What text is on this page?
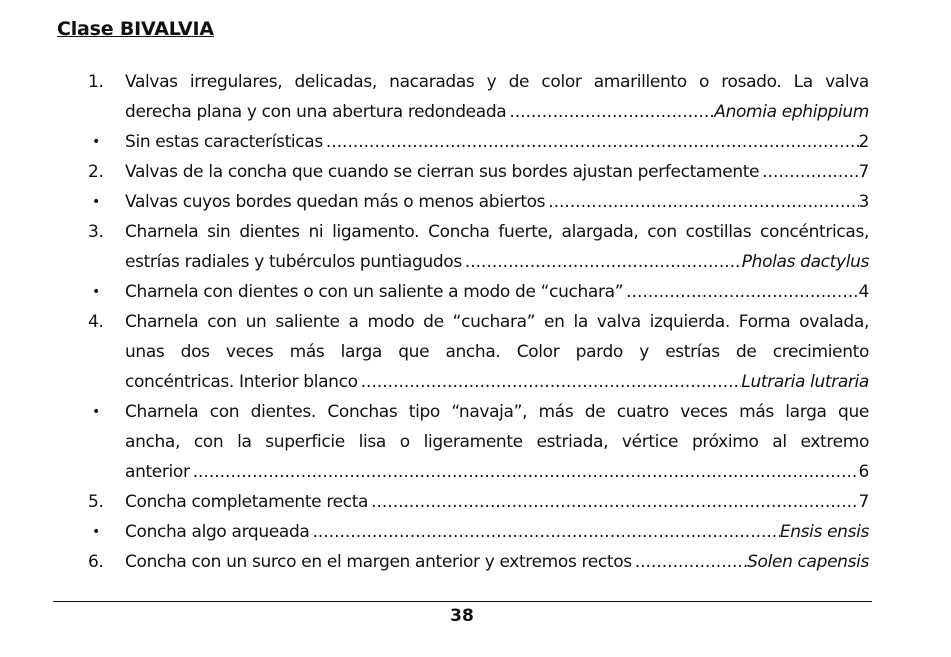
Clase BIVALVIA
1.	Valvas irregulares, delicadas, nacaradas y de color amarillento o rosado. La valva
derecha plana y con una abertura redondeada .....	Anomia ephippium
•	Sin estas características .....	2
2.	Valvas de la concha que cuando se cierran sus bordes ajustan perfectamente .....	7
•	Valvas cuyos bordes quedan más o menos abiertos .....	3
3.	Charnela sin dientes ni ligamento. Concha fuerte, alargada, con costillas concéntricas,
estrías radiales y tubérculos puntiagudos .....	Pholas dactylus
•	Charnela con dientes o con un saliente a modo de “cuchara” .....	4
4.	Charnela con un saliente a modo de “cuchara” en la valva izquierda. Forma ovalada,
unas dos veces más larga que ancha. Color pardo y estrías de crecimiento
concéntricas. Interior blanco .....	Lutraria lutraria
•	Charnela con dientes. Conchas tipo “navaja”, más de cuatro veces más larga que
ancha, con la superficie lisa o ligeramente estriada, vértice próximo al extremo
anterior .....	6
5.	Concha completamente recta .....	7
•	Concha algo arqueada .....	Ensis ensis
6.	Concha con un surco en el margen anterior y extremos rectos .....	Solen capensis
38
